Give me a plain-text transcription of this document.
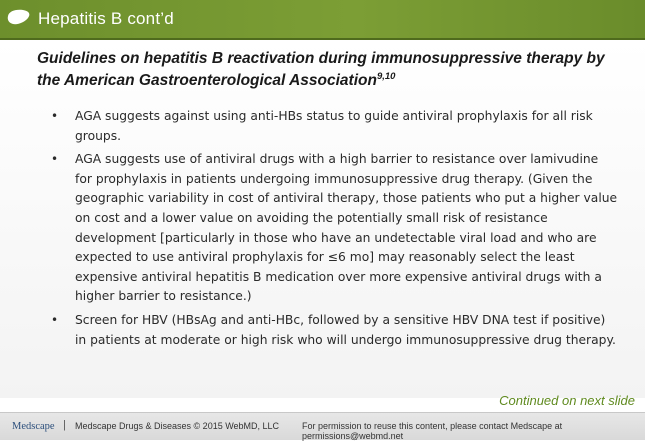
Hepatitis B cont’d
Guidelines on hepatitis B reactivation during immunosuppressive therapy by the American Gastroenterological Association$^{9,10}$
• AGA suggests against using anti-HBs status to guide antiviral prophylaxis for all risk groups.
• AGA suggests use of antiviral drugs with a high barrier to resistance over lamivudine for prophylaxis in patients undergoing immunosuppressive drug therapy. (Given the geographic variability in cost of antiviral therapy, those patients who put a higher value on cost and a lower value on avoiding the potentially small risk of resistance development [particularly in those who have an undetectable viral load and who are expected to use antiviral prophylaxis for ≤6 mo] may reasonably select the least expensive antiviral hepatitis B medication over more expensive antiviral drugs with a higher barrier to resistance.)
• Screen for HBV (HBsAg and anti-HBc, followed by a sensitive HBV DNA test if positive) in patients at moderate or high risk who will undergo immunosuppressive drug therapy.
Continued on next slide
Medscape | Medscape Drugs & Diseases © 2015 WebMD, LLC	For permission to reuse this content, please contact Medscape at permissions@webmd.net
